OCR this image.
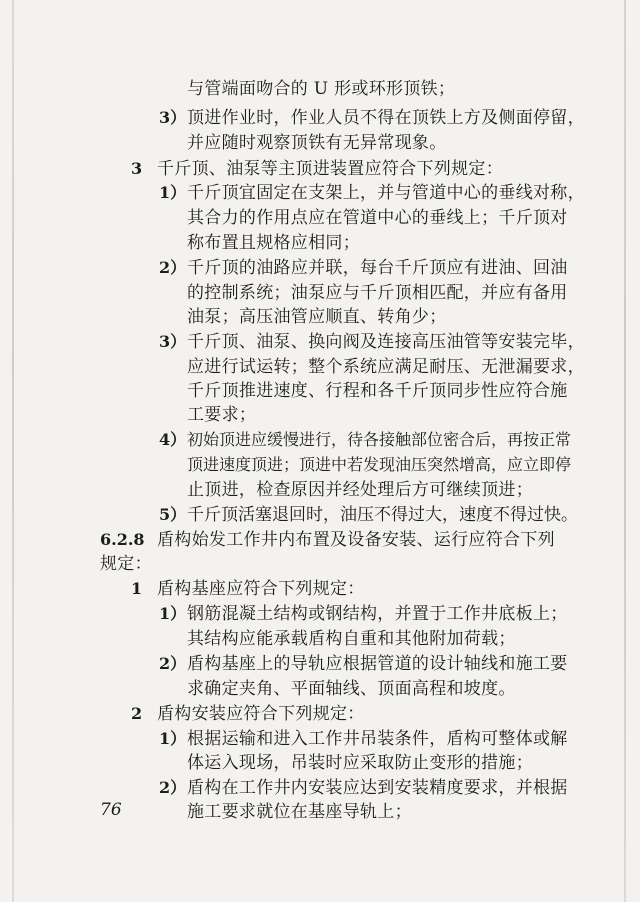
与管端面吻合的 U 形或环形顶铁；
3） 顶进作业时，作业人员不得在顶铁上方及侧面停留，
并应随时观察顶铁有无异常现象。
3 千斤顶、油泵等主顶进装置应符合下列规定：
1） 千斤顶宜固定在支架上，并与管道中心的垂线对称，
其合力的作用点应在管道中心的垂线上；千斤顶对
称布置且规格应相同；
2） 千斤顶的油路应并联，每台千斤顶应有进油、回油
的控制系统；油泵应与千斤顶相匹配，并应有备用
油泵；高压油管应顺直、转角少；
3） 千斤顶、油泵、换向阀及连接高压油管等安装完毕，
应进行试运转；整个系统应满足耐压、无泄漏要求，
千斤顶推进速度、行程和各千斤顶同步性应符合施
工要求；
4） 初始顶进应缓慢进行，待各接触部位密合后，再按正常
顶进速度顶进；顶进中若发现油压突然增高，应立即停
止顶进，检查原因并经处理后方可继续顶进；
5） 千斤顶活塞退回时，油压不得过大，速度不得过快。
6.2.8 盾构始发工作井内布置及设备安装、运行应符合下列
规定：
1 盾构基座应符合下列规定：
1） 钢筋混凝土结构或钢结构，并置于工作井底板上；
其结构应能承载盾构自重和其他附加荷载；
2） 盾构基座上的导轨应根据管道的设计轴线和施工要
求确定夹角、平面轴线、顶面高程和坡度。
2 盾构安装应符合下列规定：
1） 根据运输和进入工作井吊装条件，盾构可整体或解
体运入现场，吊装时应采取防止变形的措施；
2） 盾构在工作井内安装应达到安装精度要求，并根据
施工要求就位在基座导轨上；
76
